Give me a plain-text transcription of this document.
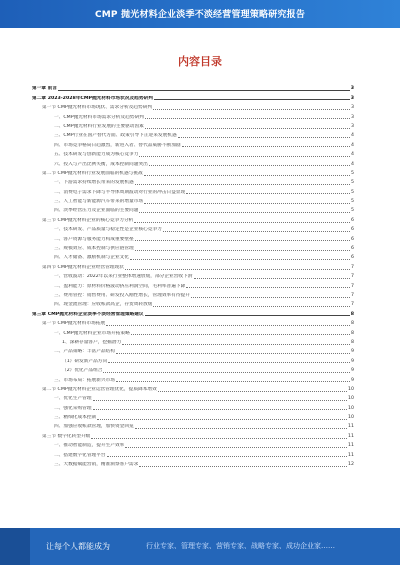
CMP 抛光材料企业淡季不淡经营管理策略研究报告
内容目录
第一章 前言	3
第二章 2023-2028年CMP抛光材料市场状况及趋势研判	3
第一节 CMP抛光材料市场现状、需求分析及趋势研判	3
一、CMP抛光材料市场需求分析及趋势研判	3
二、CMP抛光材料行业发展的主要驱动因素	3
三、CMP行业在国产替代方面、政策引导下正迎来发展机遇	4
四、市场竞争格局日趋激烈，新进入者、替代品威胁不断加剧	4
五、技术研发与创新能力成为核心竞争力	4
六、投入与产出比例失衡，成本控制问题突出	4
第二节 CMP抛光材料行业发展面临的机遇与挑战	5
一、下游需求持续增长带来的发展机遇	5
二、消费电子需求下降与半导体周期波动对行业的冲击日益显现	5
三、人工智能与新能源汽车带来的增量市场	5
四、淡季经营压力及企业面临的主要问题	5
第三节 CMP抛光材料企业的核心竞争力分析	6
一、技术研发、产品质量与稳定性是企业核心竞争力	6
二、客户资源与服务能力构成重要壁垒	6
三、规模效应、成本控制与供应链管理	6
四、人才储备、激励机制与企业文化	6
第四节 CMP抛光材料企业经营管理现状	7
一、营收波动：2022年以来行业整体增速放缓，部分企业营收下滑	7
二、盈利能力：原材料价格波动挤压利润空间，毛利率普遍下降	7
三、费用管控：销售费用、研发投入刚性增长，管理效率有待提升	7
四、现金流管理：应收账款高企，存货周转放缓	7
第三章 CMP抛光材料企业淡季不淡经营管理策略建议	8
第一节 CMP抛光材料市场拓展	8
一、CMP抛光材料企业市场开拓策略	8
1、深耕存量客户，挖掘潜力	8
二、产品策略：丰富产品结构	9
（1）研发新产品方向	9
（2）优化产品组合	9
三、市场布局：拓展新兴市场	9
第二节 CMP抛光材料企业运营管理优化，提质降本增效	10
一、优化生产管理	10
二、强化采购管理	10
三、精细化成本控制	10
四、加强应收账款管理，加快资金回笼	11
第三节 数字化转型升级	11
一、推动智能制造，提升生产效率	11
二、搭建数字化管理平台	11
三、大数据赋能营销，精准洞察客户需求	12
让每个人都能成为	行业专家、管理专家、营销专家、战略专家、成功企业家……
